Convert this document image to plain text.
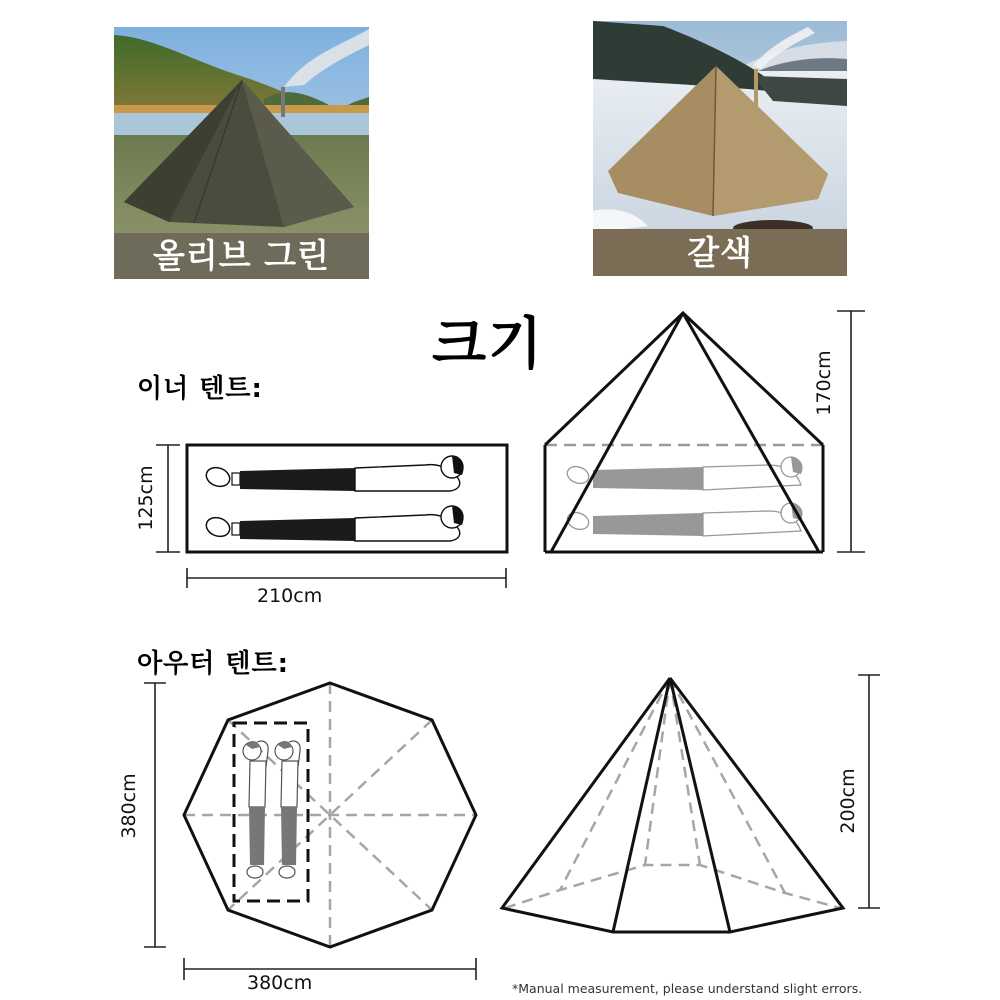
올리브 그린	갈색
크기
이너 텐트:
125cm
210cm
170cm
아우터 텐트:
380cm
380cm
200cm
*Manual measurement, please understand slight errors.
